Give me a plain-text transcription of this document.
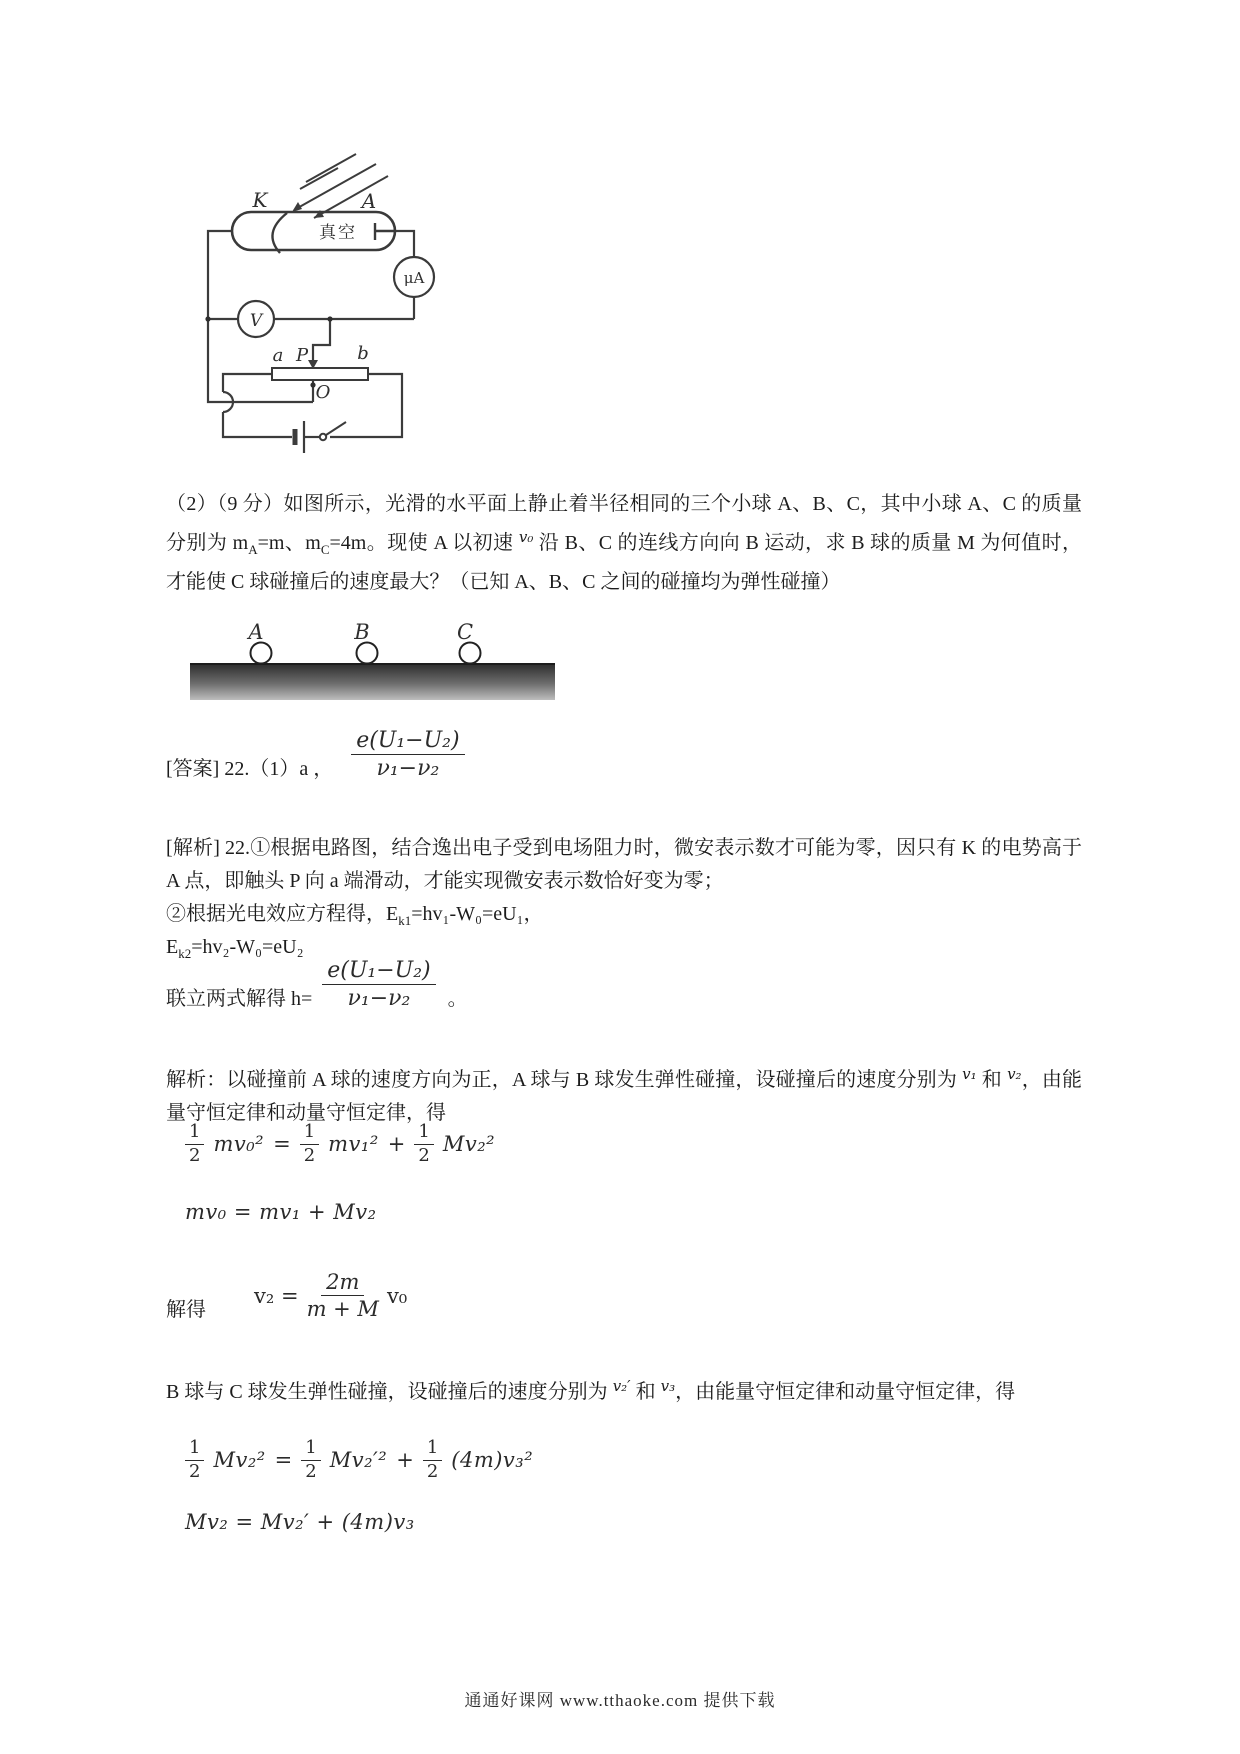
μA
V
K	A
真空
a P	b
O

（2）（9 分）如图所示，光滑的水平面上静止着半径相同的三个小球 A、B、C，其中小球 A、C 的质量分别为 $m_A=m$、$m_C=4m$。现使 A 以初速 $^{v_0}$ 沿 B、C 的连线方向向 B 运动，求 B 球的质量 M 为何值时，才能使 C 球碰撞后的速度最大？（已知 A、B、C 之间的碰撞均为弹性碰撞）

A	B	C
[答案] 22.（1）a ， $\frac{\text{e(U₁−U₂)}}{\text{ν₁−ν₂}}$

[解析] 22.①根据电路图，结合逸出电子受到电场阻力时，微安表示数才可能为零，因只有 K 的电势高于 A 点，即触头 P 向 a 端滑动，才能实现微安表示数恰好变为零；

②根据光电效应方程得，$E_{k1}=hv_1-W_0=eU_1$，

$E_{k2}=hv_2-W_0=eU_2$

联立两式解得 $h= \frac{\text{e(U₁−U₂)}}{\text{ν₁−ν₂}}$ 。

解析：以碰撞前 A 球的速度方向为正，A 球与 B 球发生弹性碰撞，设碰撞后的速度分别为 $^{v_1}$ 和 $^{v_2}$，由能量守恒定律和动量守恒定律，得

$\frac{1}{2} mv_0^2 = \frac{1}{2} mv_1^2 + \frac{1}{2} Mv_2^2$
mv₀ = mv₁ + Mv₂
解得
$v_2 = \frac{2m}{m + M} v_0$

B 球与 C 球发生弹性碰撞，设碰撞后的速度分别为 $^{v_2'}$ 和 $^{v_3}$，由能量守恒定律和动量守恒定律，得

$\frac{1}{2} Mv_2^2 = \frac{1}{2} Mv_2'^2 + \frac{1}{2} (4m)v_3^2$
Mv₂ = Mv₂′ + (4m)v₃
通通好课网 www.tthaoke.com 提供下载
